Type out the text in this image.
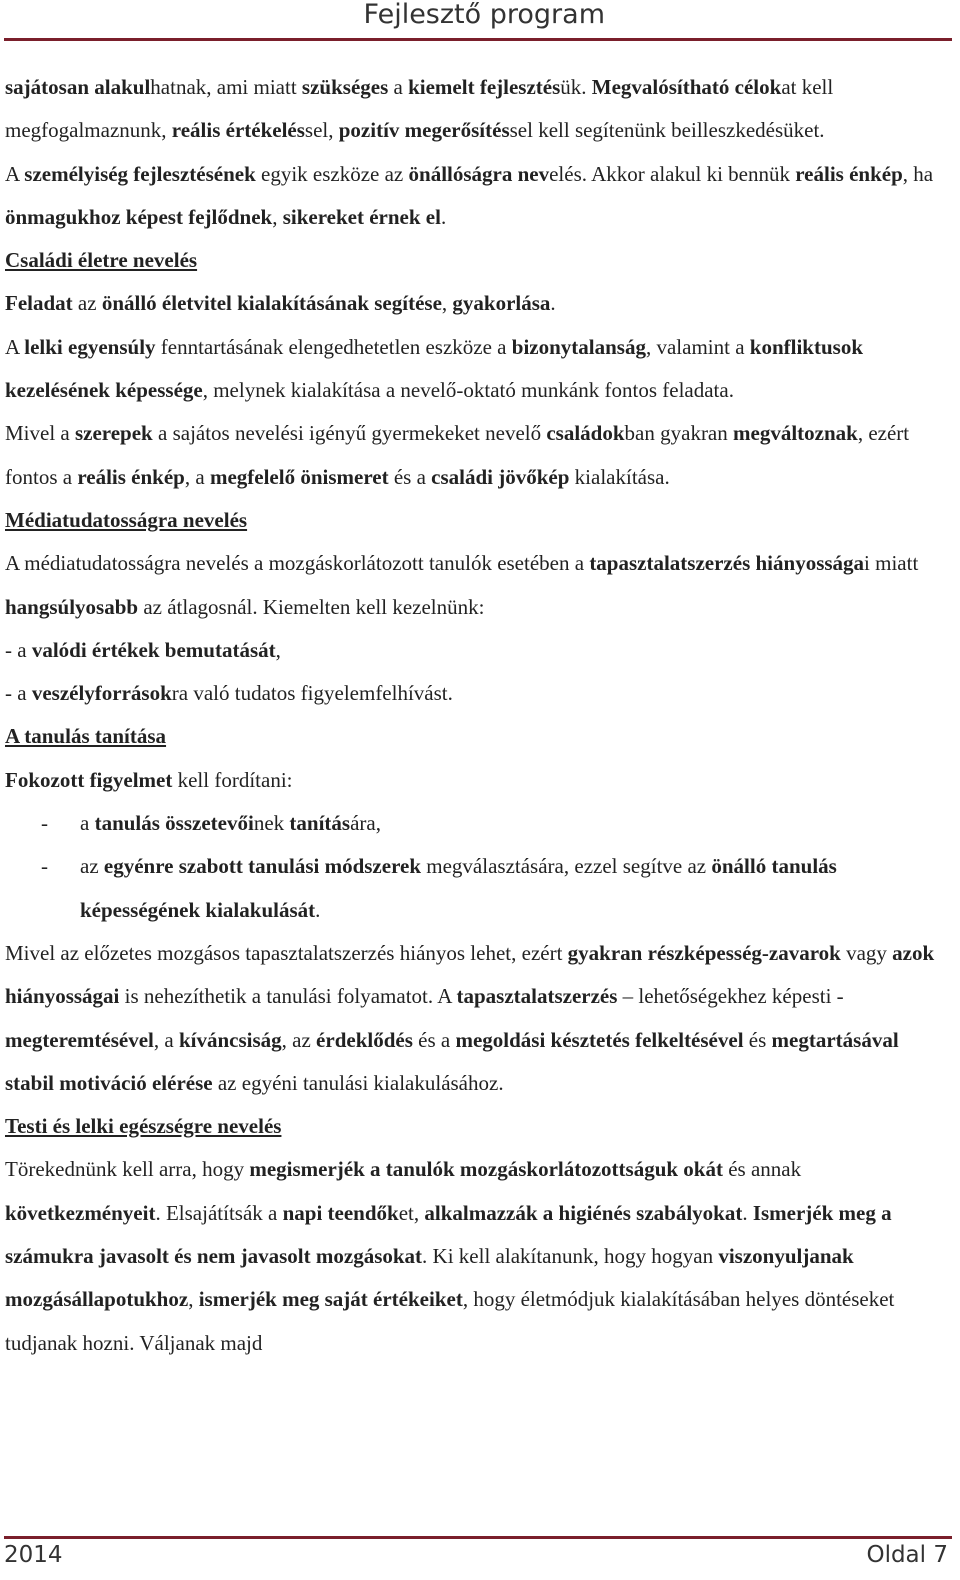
Fejlesztő program

sajátosan alakulhatnak, ami miatt szükséges a kiemelt fejlesztésük. Megvalósítható célokat kell megfogalmaznunk, reális értékeléssel, pozitív megerősítéssel kell segítenünk beilleszkedésüket.

A személyiség fejlesztésének egyik eszköze az önállóságra nevelés. Akkor alakul ki bennük reális énkép, ha önmagukhoz képest fejlődnek, sikereket érnek el.

Családi életre nevelés

Feladat az önálló életvitel kialakításának segítése, gyakorlása.

A lelki egyensúly fenntartásának elengedhetetlen eszköze a bizonytalanság, valamint a konfliktusok kezelésének képessége, melynek kialakítása a nevelő-oktató munkánk fontos feladata.

Mivel a szerepek a sajátos nevelési igényű gyermekeket nevelő családokban gyakran megváltoznak, ezért fontos a reális énkép, a megfelelő önismeret és a családi jövőkép kialakítása.

Médiatudatosságra nevelés

A médiatudatosságra nevelés a mozgáskorlátozott tanulók esetében a tapasztalatszerzés hiányosságai miatt hangsúlyosabb az átlagosnál. Kiemelten kell kezelnünk:

- a valódi értékek bemutatását,

- a veszélyforrásokra való tudatos figyelemfelhívást.

A tanulás tanítása

Fokozott figyelmet kell fordítani:

- a tanulás összetevőinek tanítására,

- az egyénre szabott tanulási módszerek megválasztására, ezzel segítve az önálló tanulás képességének kialakulását.

Mivel az előzetes mozgásos tapasztalatszerzés hiányos lehet, ezért gyakran részképesség-zavarok vagy azok hiányosságai is nehezíthetik a tanulási folyamatot. A tapasztalatszerzés – lehetőségekhez képesti - megteremtésével, a kíváncsiság, az érdeklődés és a megoldási késztetés felkeltésével és megtartásával stabil motiváció elérése az egyéni tanulási kialakulásához.

Testi és lelki egészségre nevelés

Törekednünk kell arra, hogy megismerjék a tanulók mozgáskorlátozottságuk okát és annak következményeit. Elsajátítsák a napi teendőket, alkalmazzák a higiénés szabályokat. Ismerjék meg a számukra javasolt és nem javasolt mozgásokat. Ki kell alakítanunk, hogy hogyan viszonyuljanak mozgásállapotukhoz, ismerjék meg saját értékeiket, hogy életmódjuk kialakításában helyes döntéseket tudjanak hozni. Váljanak majd

2014	Oldal 7
